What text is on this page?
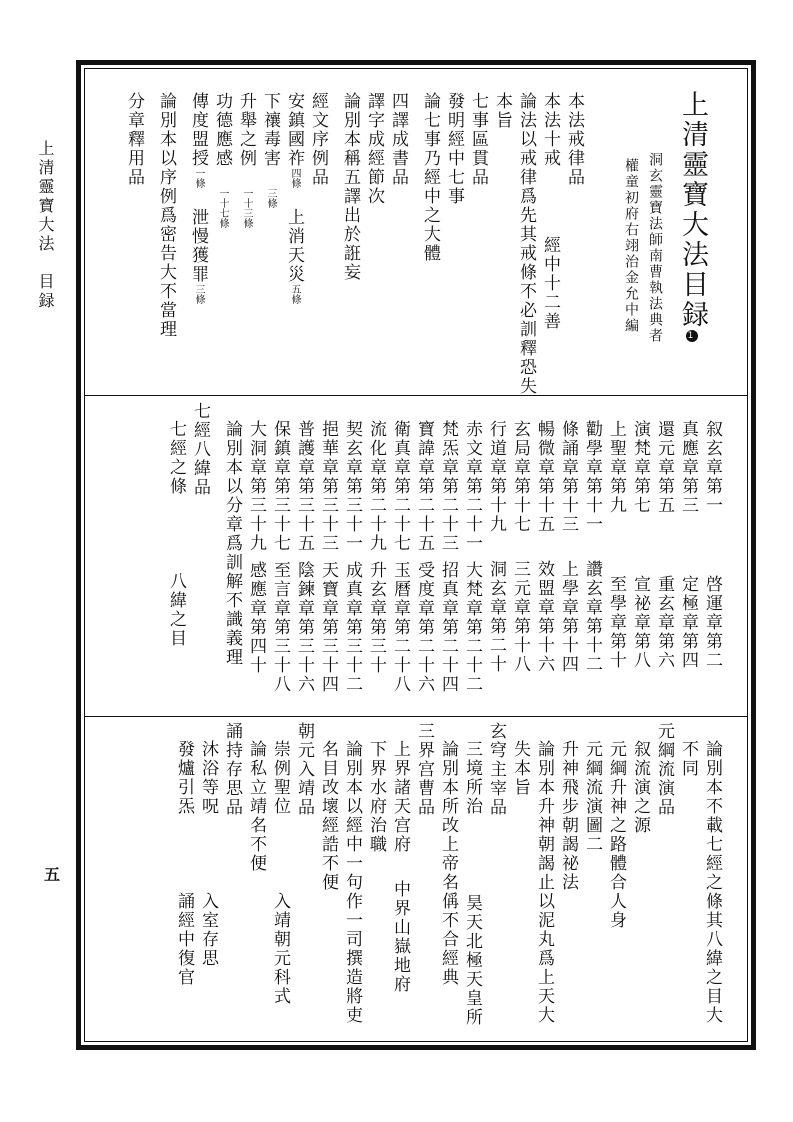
上清靈寶大法　目録
五
上清靈寶大法目録1
洞玄靈寶法師南曹執法典者
權童初府右翊治金允中編
本法戒律品
本法十戒經中十二善
論法以戒律爲先其戒條不必訓釋恐失
本旨
七事區貫品
發明經中七事
論七事乃經中之大體
四譯成書品
譯字成經節次
論別本稱五譯出於誑妄
經文序例品
安鎮國祚四條上消天災五條
下禳毒害三條
升舉之例一十三條
功德應感一十七條
傳度盟授一條泄慢獲罪三條
論別本以序例爲密告大不當理
分章釋用品
叙玄章第一啓運章第二
真應章第三定極章第四
還元章第五重玄章第六
演梵章第七宣祕章第八
上聖章第九至學章第十
勸學章第十一讚玄章第十二
條誦章第十三上學章第十四
暢微章第十五效盟章第十六
玄局章第十七三元章第十八
行道章第十九洞玄章第二十
赤文章第二十一大梵章第二十二
梵炁章第二十三招真章第二十四
寶諱章第二十五受度章第二十六
衛真章第二十七玉曆章第二十八
流化章第二十九升玄章第三十
契玄章第三十一成真章第三十二
挹華章第三十三天寶章第三十四
普護章第三十五陰鍊章第三十六
保鎮章第三十七至言章第三十八
大洞章第三十九感應章第四十
論別本以分章爲訓解不識義理
七經八緯品
七經之條八緯之目
論別本不載七經之條其八緯之目大
不同
元綱流演品
叙流演之源
元綱升神之路體合人身
元綱流演圖二
升神飛步朝謁祕法
論別本升神朝謁止以泥丸爲上天大
失本旨
玄穹主宰品
三境所治昊天北極天皇所
論別本所改上帝名偁不合經典
三界宫曹品
上界諸天宫府中界山嶽地府
下界水府治職
論別本以經中一句作一司撰造將吏
名目改壞經誥不便
朝元入靖品
崇例聖位入靖朝元科式
論私立靖名不便
誦持存思品
沐浴等呪入室存思
發爐引炁誦經中復官
